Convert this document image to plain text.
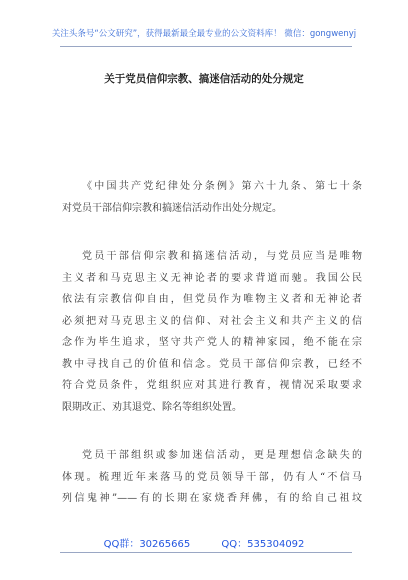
关注头条号“公文研究”，获得最新最全最专业的公文资料库！ 微信：gongwenyj
关于党员信仰宗教、搞迷信活动的处分规定
《中国共产党纪律处分条例》第六十九条、第七十条
对党员干部信仰宗教和搞迷信活动作出处分规定。
党员干部信仰宗教和搞迷信活动，与党员应当是唯物
主义者和马克思主义无神论者的要求背道而驰。我国公民
依法有宗教信仰自由，但党员作为唯物主义者和无神论者
必须把对马克思主义的信仰、对社会主义和共产主义的信
念作为毕生追求，坚守共产党人的精神家园，绝不能在宗
教中寻找自己的价值和信念。党员干部信仰宗教，已经不
符合党员条件，党组织应对其进行教育，视情况采取要求
限期改正、劝其退党、除名等组织处置。
党员干部组织或参加迷信活动，更是理想信念缺失的
体现。梳理近年来落马的党员领导干部，仍有人“不信马
列信鬼神”——有的长期在家烧香拜佛，有的给自己祖坟
QQ群：30265665	QQ：535304092
